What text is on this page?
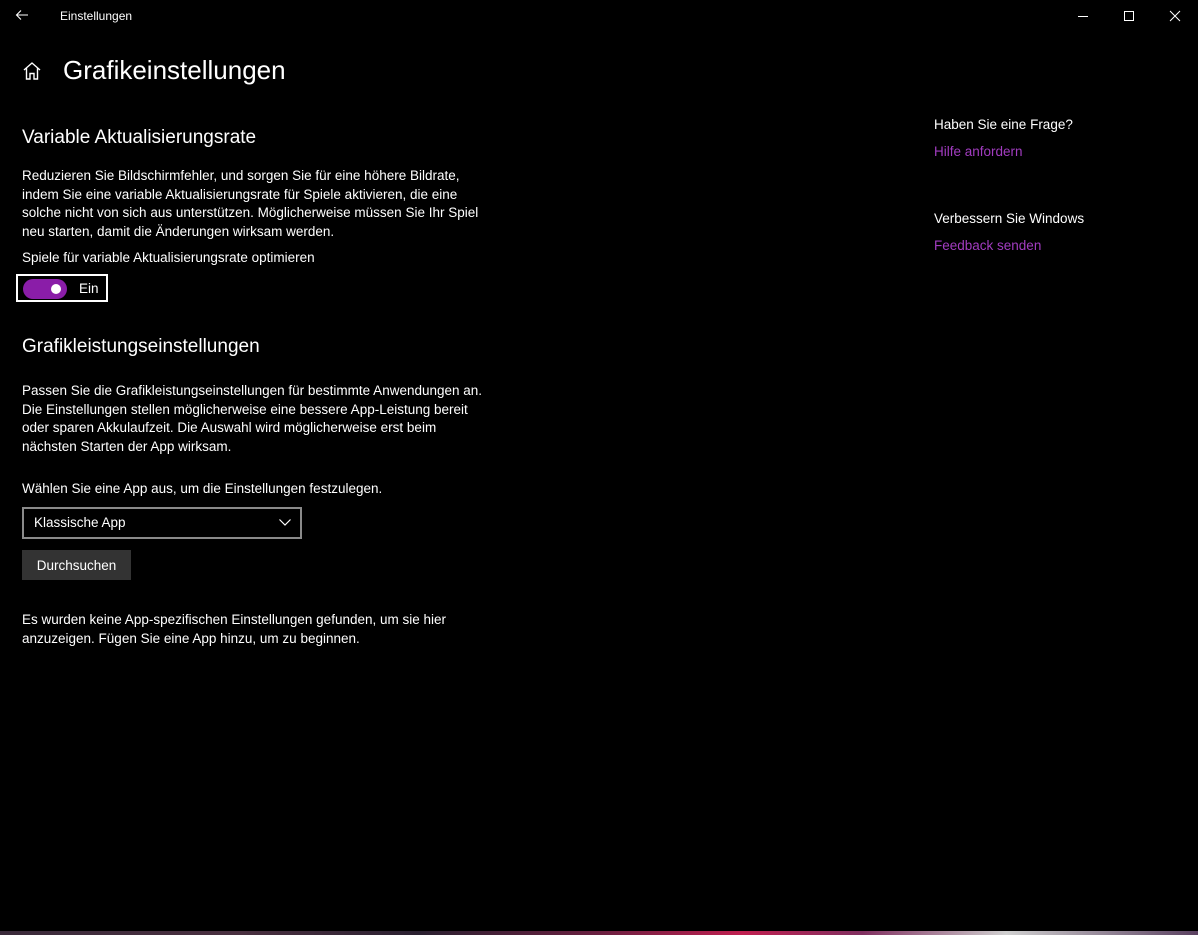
Einstellungen
Grafikeinstellungen
Variable Aktualisierungsrate

Reduzieren Sie Bildschirmfehler, und sorgen Sie für eine höhere Bildrate, indem Sie eine variable Aktualisierungsrate für Spiele aktivieren, die eine solche nicht von sich aus unterstützen. Möglicherweise müssen Sie Ihr Spiel neu starten, damit die Änderungen wirksam werden.

Spiele für variable Aktualisierungsrate optimieren
Ein
Grafikleistungseinstellungen

Passen Sie die Grafikleistungseinstellungen für bestimmte Anwendungen an. Die Einstellungen stellen möglicherweise eine bessere App-Leistung bereit oder sparen Akkulaufzeit. Die Auswahl wird möglicherweise erst beim nächsten Starten der App wirksam.

Wählen Sie eine App aus, um die Einstellungen festzulegen.
Klassische App
Durchsuchen

Es wurden keine App-spezifischen Einstellungen gefunden, um sie hier anzuzeigen. Fügen Sie eine App hinzu, um zu beginnen.

Haben Sie eine Frage?
Hilfe anfordern
Verbessern Sie Windows
Feedback senden
